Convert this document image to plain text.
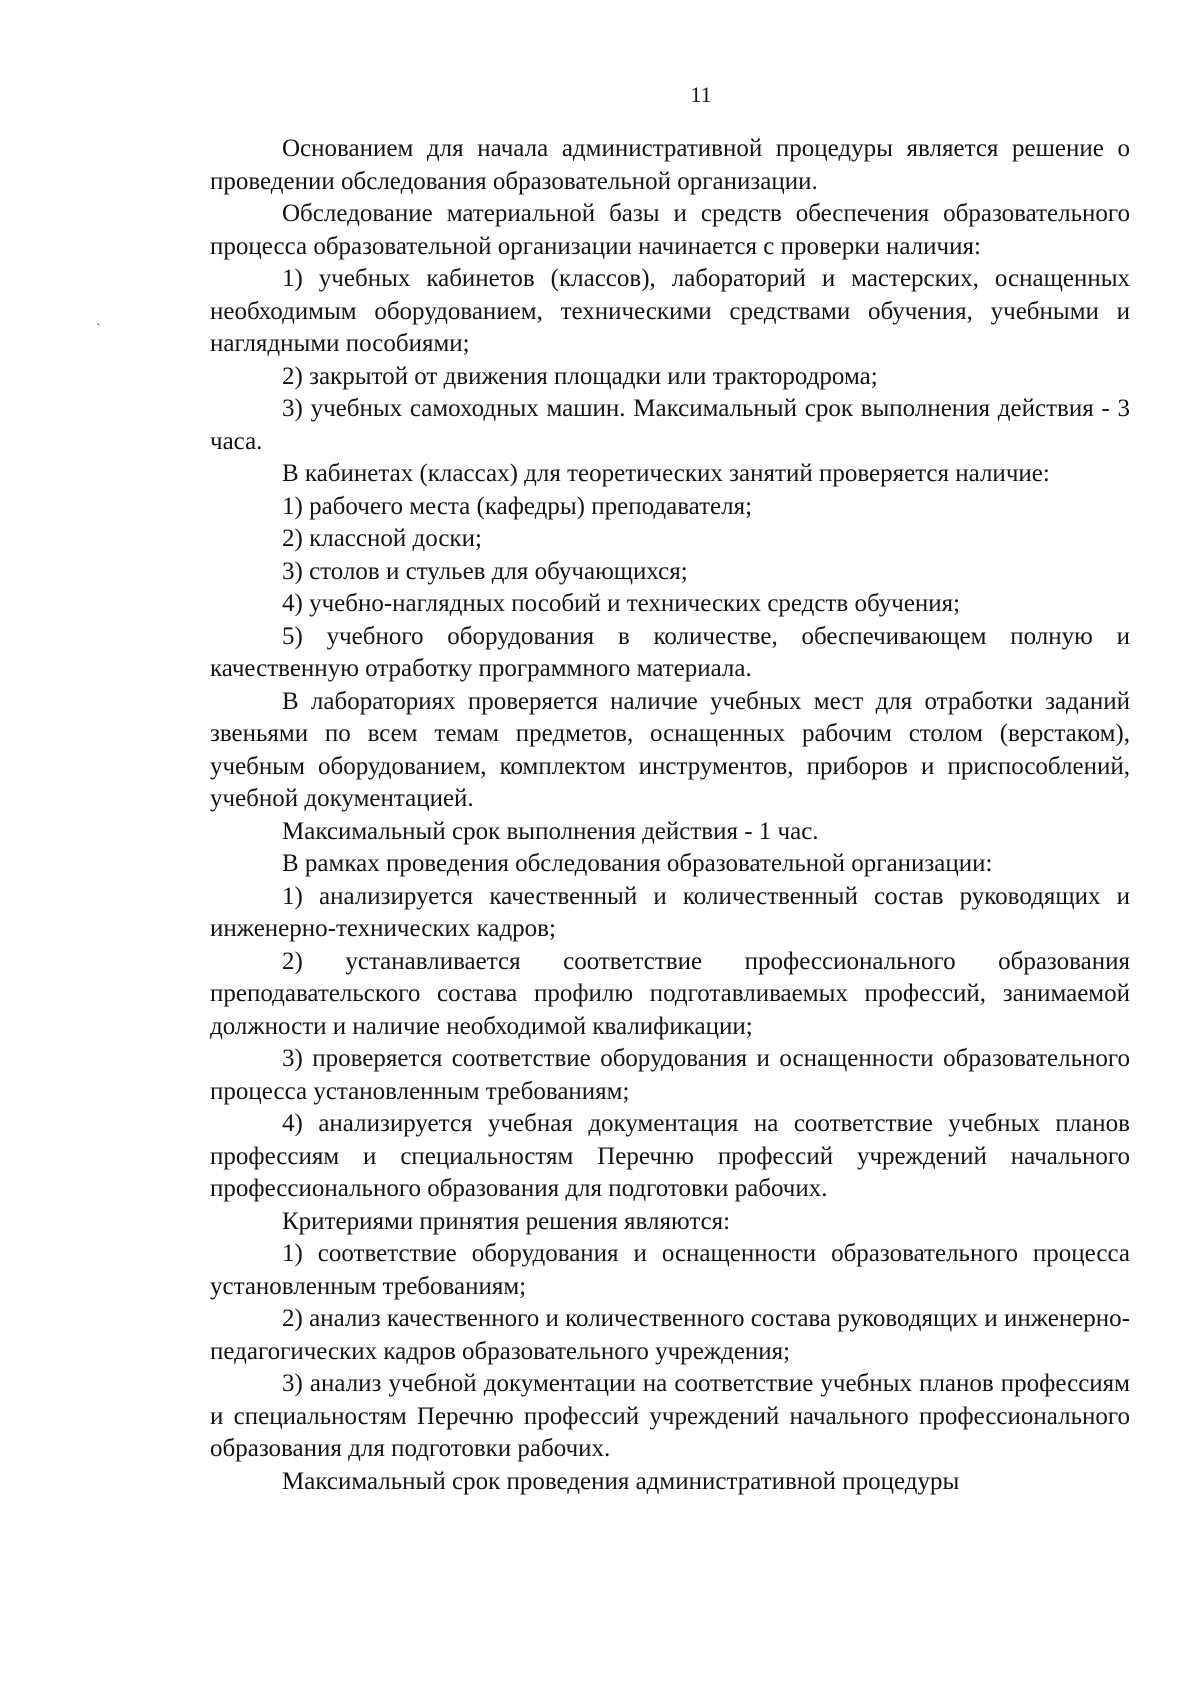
11
ˋ

Основанием для начала административной процедуры является решение о проведении обследования образовательной организации.

Обследование материальной базы и средств обеспечения образовательного процесса образовательной организации начинается с проверки наличия:

1) учебных кабинетов (классов), лабораторий и мастерских, оснащенных необходимым оборудованием, техническими средствами обучения, учебными и наглядными пособиями;

2) закрытой от движения площадки или трактородрома;

3) учебных самоходных машин. Максимальный срок выполнения действия - 3 часа.

В кабинетах (классах) для теоретических занятий проверяется наличие:

1) рабочего места (кафедры) преподавателя;

2) классной доски;

3) столов и стульев для обучающихся;

4) учебно-наглядных пособий и технических средств обучения;

5) учебного оборудования в количестве, обеспечивающем полную и качественную отработку программного материала.

В лабораториях проверяется наличие учебных мест для отработки заданий звеньями по всем темам предметов, оснащенных рабочим столом (верстаком), учебным оборудованием, комплектом инструментов, приборов и приспособлений, учебной документацией.

Максимальный срок выполнения действия - 1 час.

В рамках проведения обследования образовательной организации:

1) анализируется качественный и количественный состав руководящих и инженерно-технических кадров;

2) устанавливается соответствие профессионального образования преподавательского состава профилю подготавливаемых профессий, занимаемой должности и наличие необходимой квалификации;

3) проверяется соответствие оборудования и оснащенности образовательного процесса установленным требованиям;

4) анализируется учебная документация на соответствие учебных планов профессиям и специальностям Перечню профессий учреждений начального профессионального образования для подготовки рабочих.

Критериями принятия решения являются:

1) соответствие оборудования и оснащенности образовательного процесса установленным требованиям;

2) анализ качественного и количественного состава руководящих и инженерно-педагогических кадров образовательного учреждения;

3) анализ учебной документации на соответствие учебных планов профессиям и специальностям Перечню профессий учреждений начального профессионального образования для подготовки рабочих.

Максимальный срок проведения административной процедуры
